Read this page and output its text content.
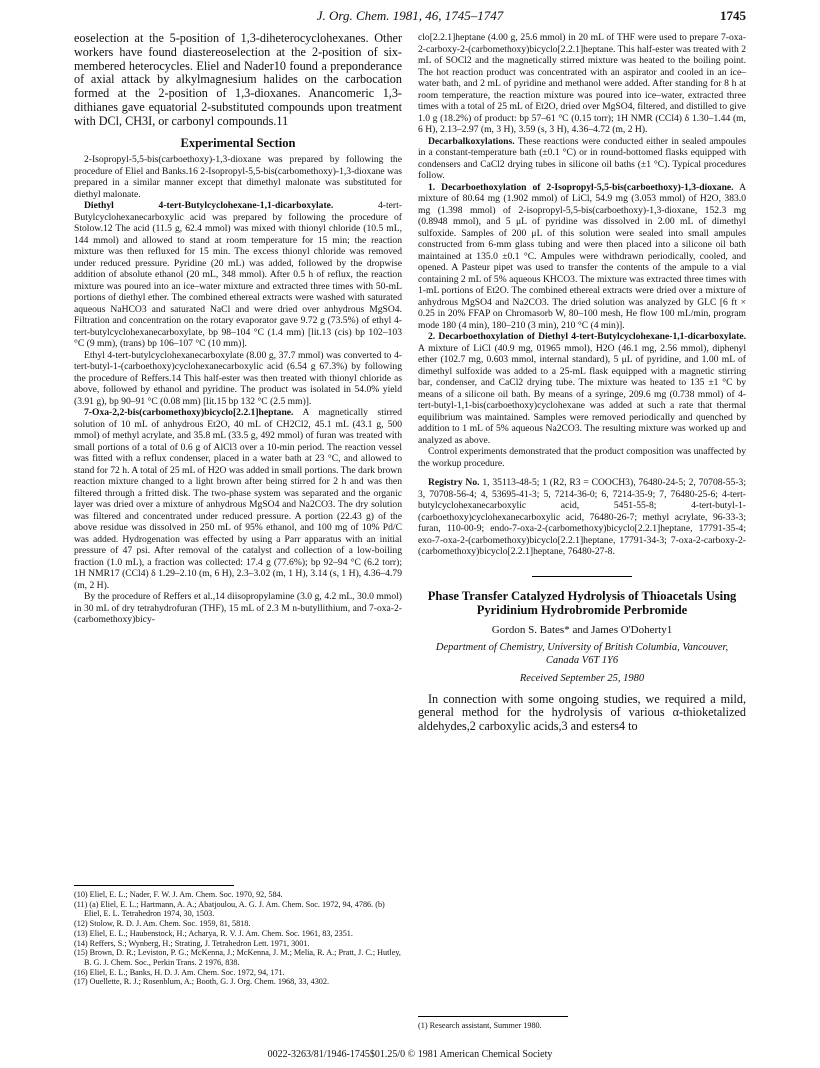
J. Org. Chem. 1981, 46, 1745–1747	1745

eoselection at the 5-position of 1,3-diheterocyclohexanes. Other workers have found diastereoselection at the 2-position of six-membered heterocycles. Eliel and Nader10 found a preponderance of axial attack by alkylmagnesium halides on the carbocation formed at the 2-position of 1,3-dioxanes. Anancomeric 1,3-dithianes gave equatorial 2-substituted compounds upon treatment with DCl, CH3I, or carbonyl compounds.11

Experimental Section

2-Isopropyl-5,5-bis(carboethoxy)-1,3-dioxane was prepared by following the procedure of Eliel and Banks.16 2-Isopropyl-5,5-bis(carbomethoxy)-1,3-dioxane was prepared in a similar manner except that dimethyl malonate was substituted for diethyl malonate.

Diethyl 4-tert-Butylcyclohexane-1,1-dicarboxylate.	4-tert-Butylcyclohexanecarboxylic acid was prepared by following the procedure of Stolow.12 The acid (11.5 g, 62.4 mmol) was mixed with thionyl chloride (10.5 mL, 144 mmol) and allowed to stand at room temperature for 15 min; the reaction mixture was then refluxed for 15 min. The excess thionyl chloride was removed under reduced pressure. Pyridine (20 mL) was added, followed by the dropwise addition of absolute ethanol (20 mL, 348 mmol). After 0.5 h of reflux, the reaction mixture was poured into an ice–water mixture and extracted three times with 50-mL portions of diethyl ether. The combined ethereal extracts were washed with saturated aqueous NaHCO3 and saturated NaCl and were dried over anhydrous MgSO4. Filtration and concentration on the rotary evaporator gave 9.72 g (73.5%) of ethyl 4-tert-butylcyclohexanecarboxylate, bp 98–104 °C (1.4 mm) [lit.13 (cis) bp 102–103 °C (9 mm), (trans) bp 106–107 °C (10 mm)].

Ethyl 4-tert-butylcyclohexanecarboxylate (8.00 g, 37.7 mmol) was converted to 4-tert-butyl-1-(carboethoxy)cyclohexanecarboxylic acid (6.54 g 67.3%) by following the procedure of Reffers.14 This half-ester was then treated with thionyl chloride as above, followed by ethanol and pyridine. The product was isolated in 54.0% yield (3.91 g), bp 90–91 °C (0.08 mm) [lit.15 bp 132 °C (2.5 mm)].

7-Oxa-2,2-bis(carbomethoxy)bicyclo[2.2.1]heptane. A magnetically stirred solution of 10 mL of anhydrous Et2O, 40 mL of CH2Cl2, 45.1 mL (43.1 g, 500 mmol) of methyl acrylate, and 35.8 mL (33.5 g, 492 mmol) of furan was treated with small portions of a total of 0.6 g of AlCl3 over a 10-min period. The reaction vessel was fitted with a reflux condenser, placed in a water bath at 23 °C, and allowed to stand for 72 h. A total of 25 mL of H2O was added in small portions. The dark brown reaction mixture changed to a light brown after being stirred for 2 h and was then filtered through a fritted disk. The two-phase system was separated and the organic layer was dried over a mixture of anhydrous MgSO4 and Na2CO3. The dry solution was filtered and concentrated under reduced pressure. A portion (22.43 g) of the above residue was dissolved in 250 mL of 95% ethanol, and 100 mg of 10% Pd/C was added. Hydrogenation was effected by using a Parr apparatus with an initial pressure of 47 psi. After removal of the catalyst and collection of a low-boiling fraction (1.0 mL), a fraction was collected: 17.4 g (77.6%); bp 92–94 °C (6.2 torr); 1H NMR17 (CCl4) δ 1.29–2.10 (m, 6 H), 2.3–3.02 (m, 1 H), 3.14 (s, 1 H), 4.36–4.79 (m, 2 H).

By the procedure of Reffers et al.,14 diisopropylamine (3.0 g, 4.2 mL, 30.0 mmol) in 30 mL of dry tetrahydrofuran (THF), 15 mL of 2.3 M n-butyllithium, and 7-oxa-2-(carbomethoxy)bicy-

(10) Eliel, E. L.; Nader, F. W. J. Am. Chem. Soc. 1970, 92, 584.
(11) (a) Eliel, E. L.; Hartmann, A. A.; Abatjoulou, A. G. J. Am. Chem. Soc. 1972, 94, 4786. (b) Eliel, E. L. Tetrahedron 1974, 30, 1503.
(12) Stolow, R. D. J. Am. Chem. Soc. 1959, 81, 5818.
(13) Eliel, E. L.; Haubenstock, H.; Acharya, R. V. J. Am. Chem. Soc. 1961, 83, 2351.
(14) Reffers, S.; Wynberg, H.; Strating, J. Tetrahedron Lett. 1971, 3001.
(15) Brown, D. R.; Leviston, P. G.; McKenna, J.; McKenna, J. M.; Melia, R. A.; Pratt, J. C.; Hutley, B. G. J. Chem. Soc., Perkin Trans. 2 1976, 838.
(16) Eliel, E. L.; Banks, H. D. J. Am. Chem. Soc. 1972, 94, 171.
(17) Ouellette, R. J.; Rosenblum, A.; Booth, G. J. Org. Chem. 1968, 33, 4302.

clo[2.2.1]heptane (4.00 g, 25.6 mmol) in 20 mL of THF were used to prepare 7-oxa-2-carboxy-2-(carbomethoxy)bicyclo[2.2.1]heptane. This half-ester was treated with 2 mL of SOCl2 and the magnetically stirred mixture was heated to the boiling point. The hot reaction product was concentrated with an aspirator and cooled in an ice–water bath, and 2 mL of pyridine and methanol were added. After standing for 8 h at room temperature, the reaction mixture was poured into ice–water, extracted three times with a total of 25 mL of Et2O, dried over MgSO4, filtered, and distilled to give 1.0 g (18.2%) of product: bp 57–61 °C (0.15 torr); 1H NMR (CCl4) δ 1.30–1.44 (m, 6 H), 2.13–2.97 (m, 3 H), 3.59 (s, 3 H), 4.36–4.72 (m, 2 H).

Decarbalkoxylations. These reactions were conducted either in sealed ampoules in a constant-temperature bath (±0.1 °C) or in round-bottomed flasks equipped with condensers and CaCl2 drying tubes in silicone oil baths (±1 °C). Typical procedures follow.

1. Decarboethoxylation of 2-Isopropyl-5,5-bis(carboethoxy)-1,3-dioxane. A mixture of 80.64 mg (1.902 mmol) of LiCl, 54.9 mg (3.053 mmol) of H2O, 383.0 mg (1.398 mmol) of 2-isopropyl-5,5-bis(carboethoxy)-1,3-dioxane, 152.3 mg (0.8948 mmol), and 5 μL of pyridine was dissolved in 2.00 mL of dimethyl sulfoxide. Samples of 200 μL of this solution were sealed into small ampules constructed from 6-mm glass tubing and were then placed into a silicone oil bath maintained at 135.0 ±0.1 °C. Ampules were withdrawn periodically, cooled, and opened. A Pasteur pipet was used to transfer the contents of the ampule to a vial containing 2 mL of 5% aqueous KHCO3. The mixture was extracted three times with 1-mL portions of Et2O. The combined ethereal extracts were dried over a mixture of anhydrous MgSO4 and Na2CO3. The dried solution was analyzed by GLC [6 ft × 0.25 in 20% FFAP on Chromasorb W, 80–100 mesh, He flow 100 mL/min, program mode 180 (4 min), 180–210 (3 min), 210 °C (4 min)].

2. Decarboethoxylation of Diethyl 4-tert-Butylcyclohexane-1,1-dicarboxylate. A mixture of LiCl (40.9 mg, 01965 mmol), H2O (46.1 mg, 2.56 mmol), diphenyl ether (102.7 mg, 0.603 mmol, internal standard), 5 μL of pyridine, and 1.00 mL of dimethyl sulfoxide was added to a 25-mL flask equipped with a magnetic stirring bar, condenser, and CaCl2 drying tube. The mixture was heated to 135 ±1 °C by means of a silicone oil bath. By means of a syringe, 209.6 mg (0.738 mmol) of 4-tert-butyl-1,1-bis(carboethoxy)cyclohexane was added at such a rate that thermal equilibrium was maintained. Samples were removed periodically and quenched by addition to 1 mL of 5% aqueous Na2CO3. The resulting mixture was worked up and analyzed as above.

Control experiments demonstrated that the product composition was unaffected by the workup procedure.

Registry No. 1, 35113-48-5; 1 (R2, R3 = COOCH3), 76480-24-5; 2, 70708-55-3; 3, 70708-56-4; 4, 53695-41-3; 5, 7214-36-0; 6, 7214-35-9; 7, 76480-25-6; 4-tert-butylcyclohexanecarboxylic acid, 5451-55-8; 4-tert-butyl-1-(carboethoxy)cyclohexanecarboxylic acid, 76480-26-7; methyl acrylate, 96-33-3; furan, 110-00-9; endo-7-oxa-2-(carbomethoxy)bicyclo[2.2.1]heptane, 17791-35-4; exo-7-oxa-2-(carbomethoxy)bicyclo[2.2.1]heptane, 17791-34-3; 7-oxa-2-carboxy-2-(carbomethoxy)bicyclo[2.2.1]heptane, 76480-27-8.

Phase Transfer Catalyzed Hydrolysis of Thioacetals Using Pyridinium Hydrobromide Perbromide
Gordon S. Bates* and James O'Doherty1
Department of Chemistry, University of British Columbia, Vancouver, Canada V6T 1Y6
Received September 25, 1980

In connection with some ongoing studies, we required a mild, general method for the hydrolysis of various α-thioketalized aldehydes,2 carboxylic acids,3 and esters4 to

(1) Research assistant, Summer 1980.
0022-3263/81/1946-1745$01.25/0 © 1981 American Chemical Society
